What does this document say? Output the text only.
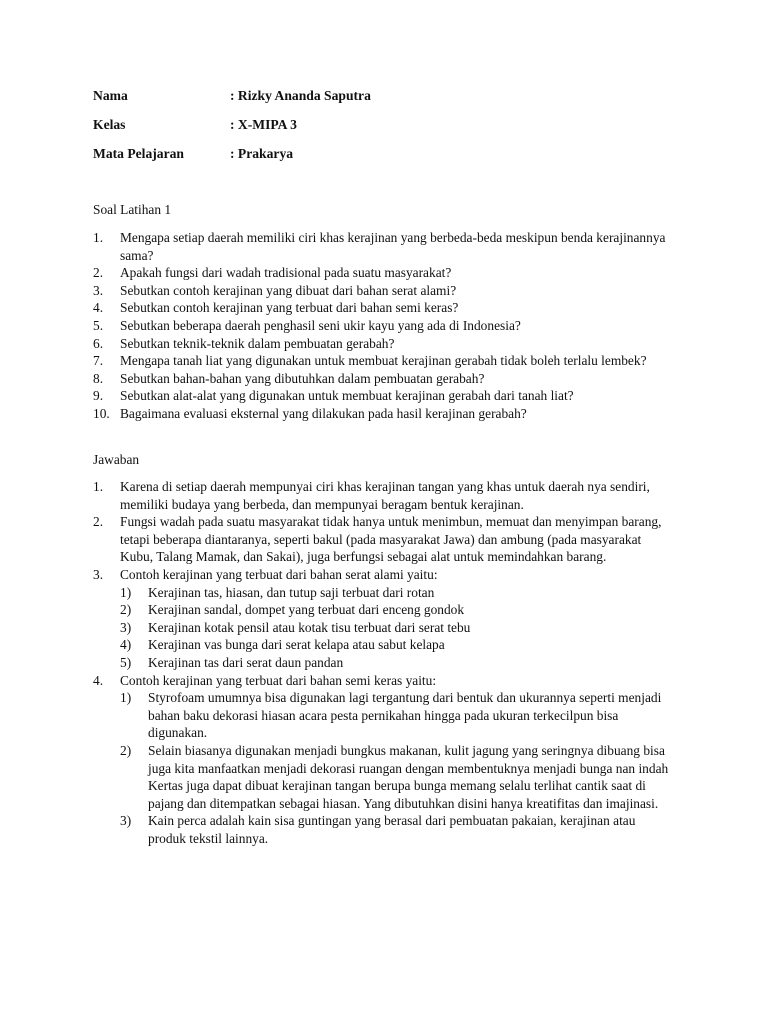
Nama	: Rizky Ananda Saputra
Kelas	: X-MIPA 3
Mata Pelajaran	: Prakarya
Soal Latihan 1
1. Mengapa setiap daerah memiliki ciri khas kerajinan yang berbeda-beda meskipun benda kerajinannya sama?
2. Apakah fungsi dari wadah tradisional pada suatu masyarakat?
3. Sebutkan contoh kerajinan yang dibuat dari bahan serat alami?
4. Sebutkan contoh kerajinan yang terbuat dari bahan semi keras?
5. Sebutkan beberapa daerah penghasil seni ukir kayu yang ada di Indonesia?
6. Sebutkan teknik-teknik dalam pembuatan gerabah?
7. Mengapa tanah liat yang digunakan untuk membuat kerajinan gerabah tidak boleh terlalu lembek?
8. Sebutkan bahan-bahan yang dibutuhkan dalam pembuatan gerabah?
9. Sebutkan alat-alat yang digunakan untuk membuat kerajinan gerabah dari tanah liat?
10. Bagaimana evaluasi eksternal yang dilakukan pada hasil kerajinan gerabah?
Jawaban
1. Karena di setiap daerah mempunyai ciri khas kerajinan tangan yang khas untuk daerah nya sendiri, memiliki budaya yang berbeda, dan mempunyai beragam bentuk kerajinan.
2. Fungsi wadah pada suatu masyarakat tidak hanya untuk menimbun, memuat dan menyimpan barang, tetapi beberapa diantaranya, seperti bakul (pada masyarakat Jawa) dan ambung (pada masyarakat Kubu, Talang Mamak, dan Sakai), juga berfungsi sebagai alat untuk memindahkan barang.
3. Contoh kerajinan yang terbuat dari bahan serat alami yaitu:
1) Kerajinan tas, hiasan, dan tutup saji terbuat dari rotan
2) Kerajinan sandal, dompet yang terbuat dari enceng gondok
3) Kerajinan kotak pensil atau kotak tisu terbuat dari serat tebu
4) Kerajinan vas bunga dari serat kelapa atau sabut kelapa
5) Kerajinan tas dari serat daun pandan
4. Contoh kerajinan yang terbuat dari bahan semi keras yaitu:
1) Styrofoam umumnya bisa digunakan lagi tergantung dari bentuk dan ukurannya seperti menjadi bahan baku dekorasi hiasan acara pesta pernikahan hingga pada ukuran terkecilpun bisa digunakan.
2) Selain biasanya digunakan menjadi bungkus makanan, kulit jagung yang seringnya dibuang bisa juga kita manfaatkan menjadi dekorasi ruangan dengan membentuknya menjadi bunga nan indah Kertas juga dapat dibuat kerajinan tangan berupa bunga memang selalu terlihat cantik saat di pajang dan ditempatkan sebagai hiasan. Yang dibutuhkan disini hanya kreatifitas dan imajinasi.
3) Kain perca adalah kain sisa guntingan yang berasal dari pembuatan pakaian, kerajinan atau produk tekstil lainnya.
